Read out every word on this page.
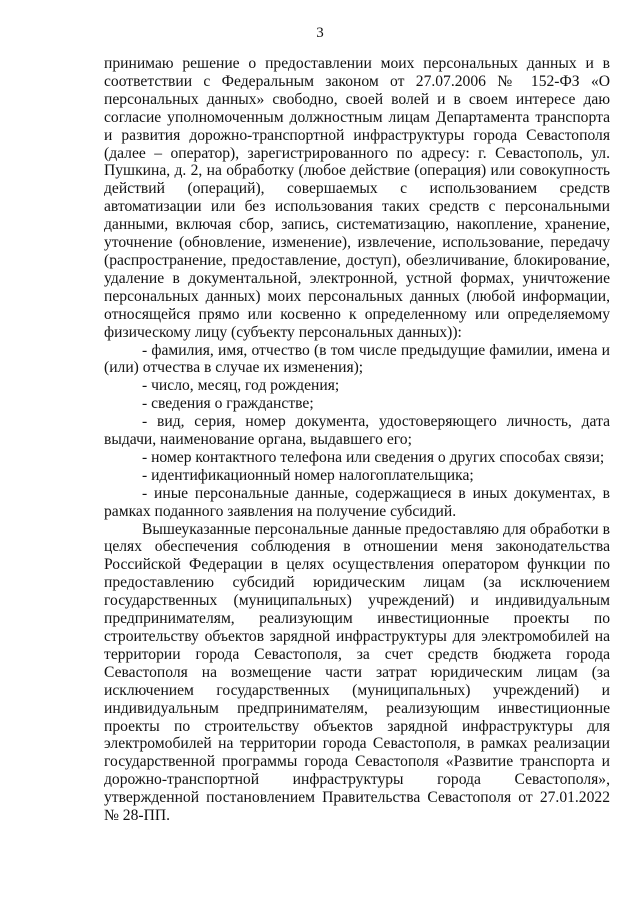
3

принимаю решение о предоставлении моих персональных данных и в соответствии с Федеральным законом от 27.07.2006 № 152-ФЗ «О персональных данных» свободно, своей волей и в своем интересе даю согласие уполномоченным должностным лицам Департамента транспорта и развития дорожно-транспортной инфраструктуры города Севастополя (далее – оператор), зарегистрированного по адресу: г. Севастополь, ул. Пушкина, д. 2, на обработку (любое действие (операция) или совокупность действий (операций), совершаемых с использованием средств автоматизации или без использования таких средств с персональными данными, включая сбор, запись, систематизацию, накопление, хранение, уточнение (обновление, изменение), извлечение, использование, передачу (распространение, предоставление, доступ), обезличивание, блокирование, удаление в документальной, электронной, устной формах, уничтожение персональных данных) моих персональных данных (любой информации, относящейся прямо или косвенно к определенному или определяемому физическому лицу (субъекту персональных данных)):

- фамилия, имя, отчество (в том числе предыдущие фамилии, имена и (или) отчества в случае их изменения);
- число, месяц, год рождения;
- сведения о гражданстве;
- вид, серия, номер документа, удостоверяющего личность, дата выдачи, наименование органа, выдавшего его;
- номер контактного телефона или сведения о других способах связи;
- идентификационный номер налогоплательщика;
- иные персональные данные, содержащиеся в иных документах, в рамках поданного заявления на получение субсидий.

Вышеуказанные персональные данные предоставляю для обработки в целях обеспечения соблюдения в отношении меня законодательства Российской Федерации в целях осуществления оператором функции по предоставлению субсидий юридическим лицам (за исключением государственных (муниципальных) учреждений) и индивидуальным предпринимателям, реализующим инвестиционные проекты по строительству объектов зарядной инфраструктуры для электромобилей на территории города Севастополя, за счет средств бюджета города Севастополя на возмещение части затрат юридическим лицам (за исключением государственных (муниципальных) учреждений) и индивидуальным предпринимателям, реализующим инвестиционные проекты по строительству объектов зарядной инфраструктуры для электромобилей на территории города Севастополя, в рамках реализации государственной программы города Севастополя «Развитие транспорта и дорожно-транспортной инфраструктуры города Севастополя», утвержденной постановлением Правительства Севастополя от 27.01.2022 № 28-ПП.
